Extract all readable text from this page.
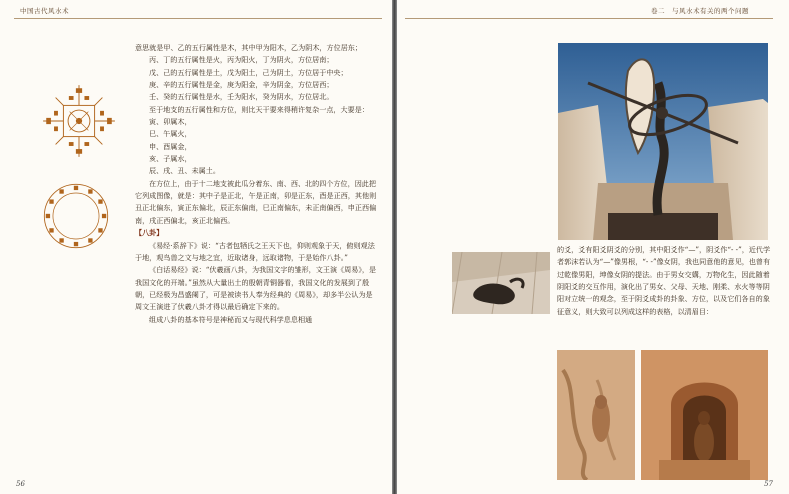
中国古代风水术

意思就是甲、乙的五行属性是木，其中甲为阳木，乙为阴木，方位居东；

丙、丁的五行属性是火，丙为阳火，丁为阴火，方位居南；

戊、己的五行属性是土，戊为阳土，己为阴土，方位居于中央；

庚、辛的五行属性是金，庚为阳金，辛为阴金，方位居西；

壬、癸的五行属性是水，壬为阳水，癸为阴水，方位居北。

至于地支的五行属性和方位，则比天干要来得稍许复杂一点，大要是：

寅、卯属木，

巳、午属火，

申、酉属金，

亥、子属水，

辰、戌、丑、未属土。

在方位上，由于十二地支被此瓜分着东、南、西、北的四个方位，因此把它列成图像，就是：其中子是正北，午是正南，卯是正东，酉是正西，其他则丑正北偏东，寅正东偏北，辰正东偏南，巳正南偏东，未正南偏西，申正西偏南，戌正西偏北，亥正北偏西。

【八卦】

《易经·系辞下》说：“古者包牺氏之王天下也，仰则观象于天，俯则观法于地，观鸟兽之文与地之宜，近取诸身，远取诸物，于是始作八卦。”

《白话易经》说：“伏羲画八卦，为我国文字的雏形，文王演《周易》，是我国文化的开端。”虽然从大量出土的殷朝青铜器看，我国文化的发展到了殷朝，已经极为昌盛阑了，可是被读书人奉为经典的《周易》，却多半公认为是周文王演进了伏羲八卦才得以最后确定下来的。

组成八卦的基本符号是神秘而又与现代科学息息相通

56
卷二　与风水术有关的两个问题

的爻，爻有阳爻阴爻的分别，其中阳爻作“—”，阴爻作“- -”，近代学者郭沫若认为“—”像男根，“- -”像女阴，我也同意他的意见，也曾有过乾像男阳，坤像女阴的提法。由于男女交媾，万物化生，因此随着阴阳爻的交互作用，演化出了男女、父母、天地、刚柔、水火等等阴阳对立统一的观念，至于阴爻成卦的卦象、方位，以及它们各自的象征意义，则大致可以列成这样的表格，以清眉目：

57
